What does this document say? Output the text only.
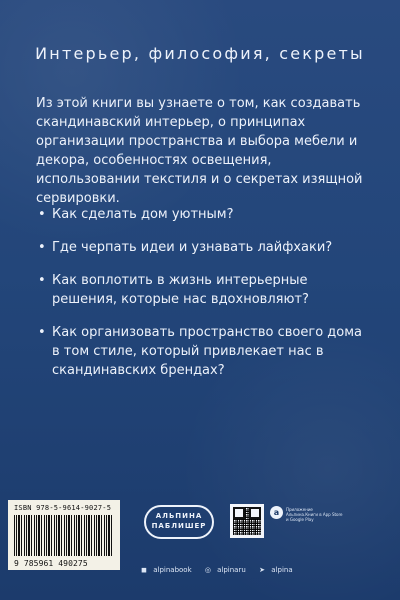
Интерьер, философия, секреты
Из этой книги вы узнаете о том, как создавать скандинавский интерьер, о принципах организации пространства и выбора мебели и декора, особенностях освещения, использовании текстиля и о секретах изящной сервировки.
• Как сделать дом уютным?
• Где черпать идеи и узнавать лайфхаки?
• Как воплотить в жизнь интерьерные решения, которые нас вдохновляют?
• Как организовать пространство своего дома в том стиле, который привлекает нас в скандинавских брендах?
ISBN 978-5-9614-9027-5
9 785961 490275
АЛЬПИНА
ПАБЛИШЕР
a	Приложение Альпина.Книги в App Store и Google Play
◼ alpinabook ◎ alpinaru ➤ alpina
